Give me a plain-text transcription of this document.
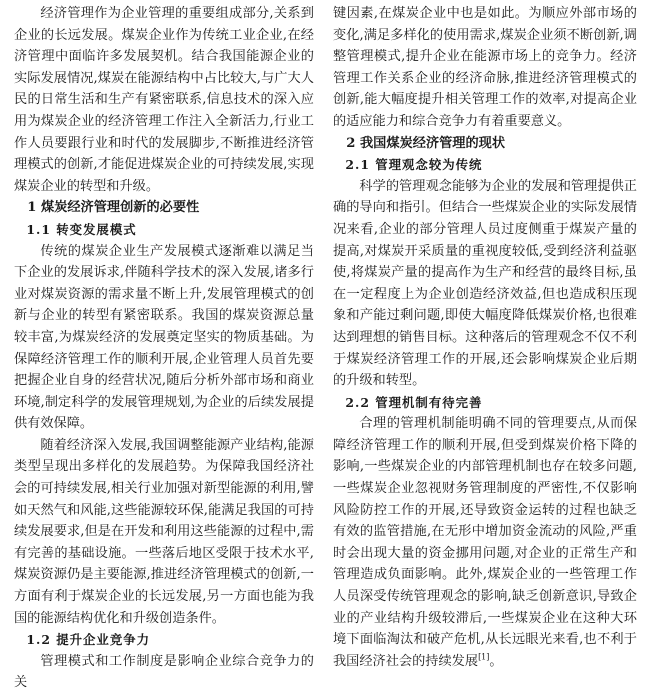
经济管理作为企业管理的重要组成部分,关系到企业的长远发展。煤炭企业作为传统工业企业,在经济管理中面临许多发展契机。结合我国能源企业的实际发展情况,煤炭在能源结构中占比较大,与广大人民的日常生活和生产有紧密联系,信息技术的深入应用为煤炭企业的经济管理工作注入全新活力,行业工作人员要跟行业和时代的发展脚步,不断推进经济管理模式的创新,才能促进煤炭企业的可持续发展,实现煤炭企业的转型和升级。

1 煤炭经济管理创新的必要性
1.1 转变发展模式

传统的煤炭企业生产发展模式逐渐难以满足当下企业的发展诉求,伴随科学技术的深入发展,诸多行业对煤炭资源的需求量不断上升,发展管理模式的创新与企业的转型有紧密联系。我国的煤炭资源总量较丰富,为煤炭经济的发展奠定坚实的物质基础。为保障经济管理工作的顺利开展,企业管理人员首先要把握企业自身的经营状况,随后分析外部市场和商业环境,制定科学的发展管理规划,为企业的后续发展提供有效保障。

随着经济深入发展,我国调整能源产业结构,能源类型呈现出多样化的发展趋势。为保障我国经济社会的可持续发展,相关行业加强对新型能源的利用,譬如天然气和风能,这些能源较环保,能满足我国的可持续发展要求,但是在开发和利用这些能源的过程中,需有完善的基础设施。一些落后地区受限于技术水平,煤炭资源仍是主要能源,推进经济管理模式的创新,一方面有利于煤炭企业的长远发展,另一方面也能为我国的能源结构优化和升级创造条件。

1.2 提升企业竞争力

管理模式和工作制度是影响企业综合竞争力的关

键因素,在煤炭企业中也是如此。为顺应外部市场的变化,满足多样化的使用需求,煤炭企业须不断创新,调整管理模式,提升企业在能源市场上的竞争力。经济管理工作关系企业的经济命脉,推进经济管理模式的创新,能大幅度提升相关管理工作的效率,对提高企业的适应能力和综合竞争力有着重要意义。

2 我国煤炭经济管理的现状
2.1 管理观念较为传统

科学的管理观念能够为企业的发展和管理提供正确的导向和指引。但结合一些煤炭企业的实际发展情况来看,企业的部分管理人员过度侧重于煤炭产量的提高,对煤炭开采质量的重视度较低,受到经济利益驱使,将煤炭产量的提高作为生产和经营的最终目标,虽在一定程度上为企业创造经济效益,但也造成积压现象和产能过剩问题,即使大幅度降低煤炭价格,也很难达到理想的销售目标。这种落后的管理观念不仅不利于煤炭经济管理工作的开展,还会影响煤炭企业后期的升级和转型。

2.2 管理机制有待完善

合理的管理机制能明确不同的管理要点,从而保障经济管理工作的顺利开展,但受到煤炭价格下降的影响,一些煤炭企业的内部管理机制也存在较多问题,一些煤炭企业忽视财务管理制度的严密性,不仅影响风险防控工作的开展,还导致资金运转的过程也缺乏有效的监管措施,在无形中增加资金流动的风险,严重时会出现大量的资金挪用问题,对企业的正常生产和管理造成负面影响。此外,煤炭企业的一些管理工作人员深受传统管理观念的影响,缺乏创新意识,导致企业的产业结构升级较滞后,一些煤炭企业在这种大环境下面临淘汰和破产危机,从长远眼光来看,也不利于我国经济社会的持续发展[1]。
